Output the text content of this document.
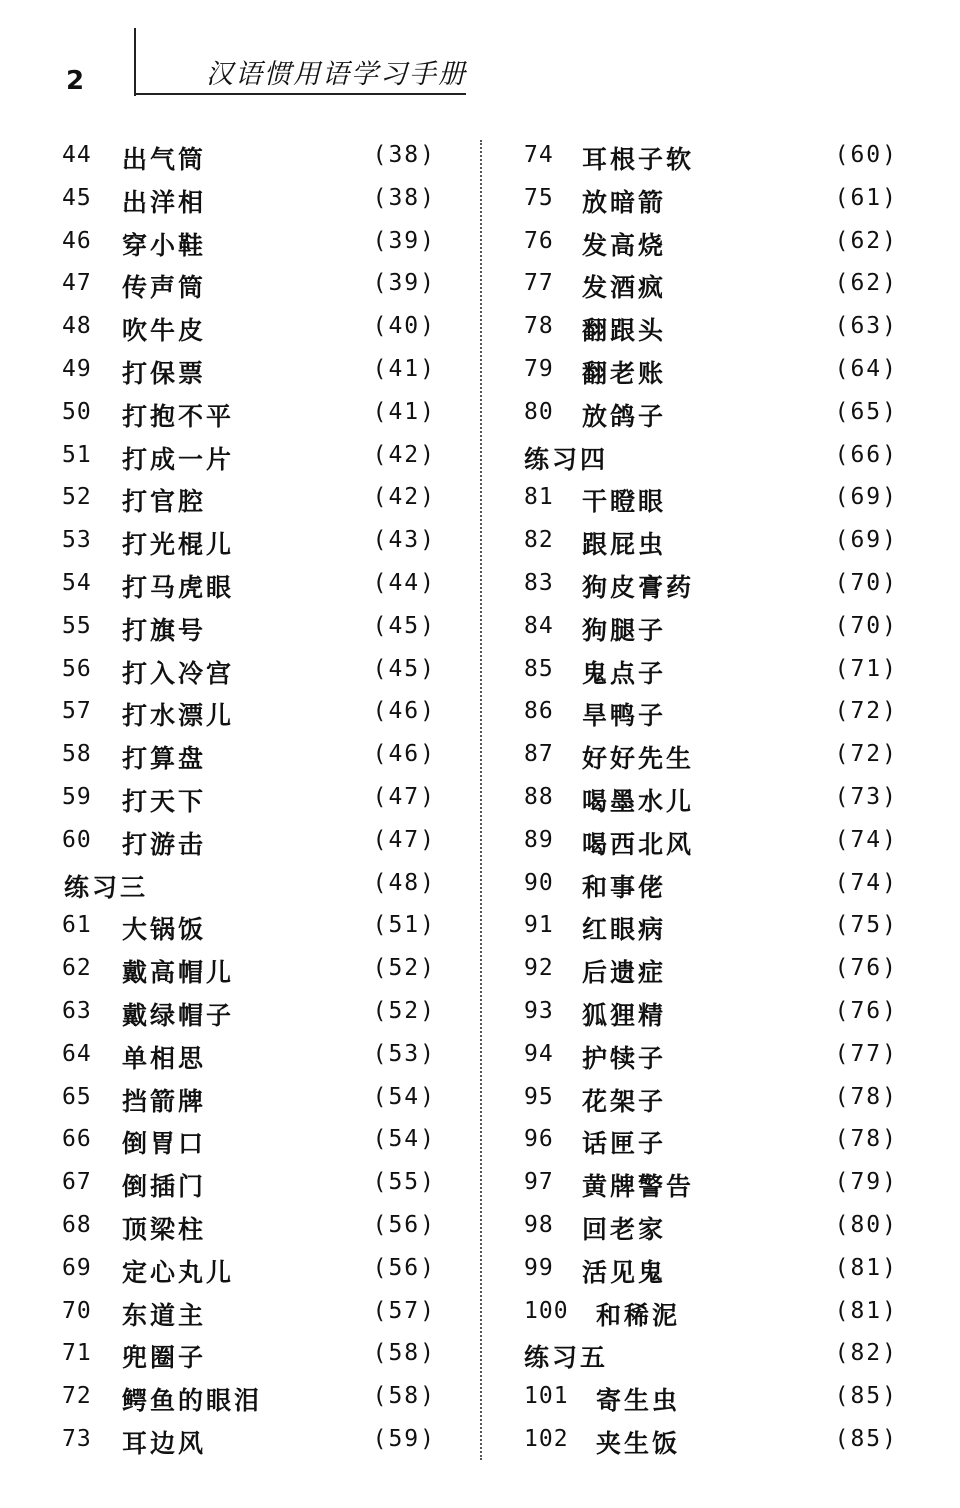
2	汉语惯用语学习手册
44 出气筒	(38)
45 出洋相	(38)
46 穿小鞋	(39)
47 传声筒	(39)
48 吹牛皮	(40)
49 打保票	(41)
50 打抱不平	(41)
51 打成一片	(42)
52 打官腔	(42)
53 打光棍儿	(43)
54 打马虎眼	(44)
55 打旗号	(45)
56 打入冷宫	(45)
57 打水漂儿	(46)
58 打算盘	(46)
59 打天下	(47)
60 打游击	(47)
练习三	(48)
61 大锅饭	(51)
62 戴高帽儿	(52)
63 戴绿帽子	(52)
64 单相思	(53)
65 挡箭牌	(54)
66 倒胃口	(54)
67 倒插门	(55)
68 顶梁柱	(56)
69 定心丸儿	(56)
70 东道主	(57)
71 兜圈子	(58)
72 鳄鱼的眼泪	(58)
73 耳边风	(59)
74 耳根子软	(60)
75 放暗箭	(61)
76 发高烧	(62)
77 发酒疯	(62)
78 翻跟头	(63)
79 翻老账	(64)
80 放鸽子	(65)
练习四	(66)
81 干瞪眼	(69)
82 跟屁虫	(69)
83 狗皮膏药	(70)
84 狗腿子	(70)
85 鬼点子	(71)
86 旱鸭子	(72)
87 好好先生	(72)
88 喝墨水儿	(73)
89 喝西北风	(74)
90 和事佬	(74)
91 红眼病	(75)
92 后遗症	(76)
93 狐狸精	(76)
94 护犊子	(77)
95 花架子	(78)
96 话匣子	(78)
97 黄牌警告	(79)
98 回老家	(80)
99 活见鬼	(81)
100 和稀泥	(81)
练习五	(82)
101 寄生虫	(85)
102 夹生饭	(85)
